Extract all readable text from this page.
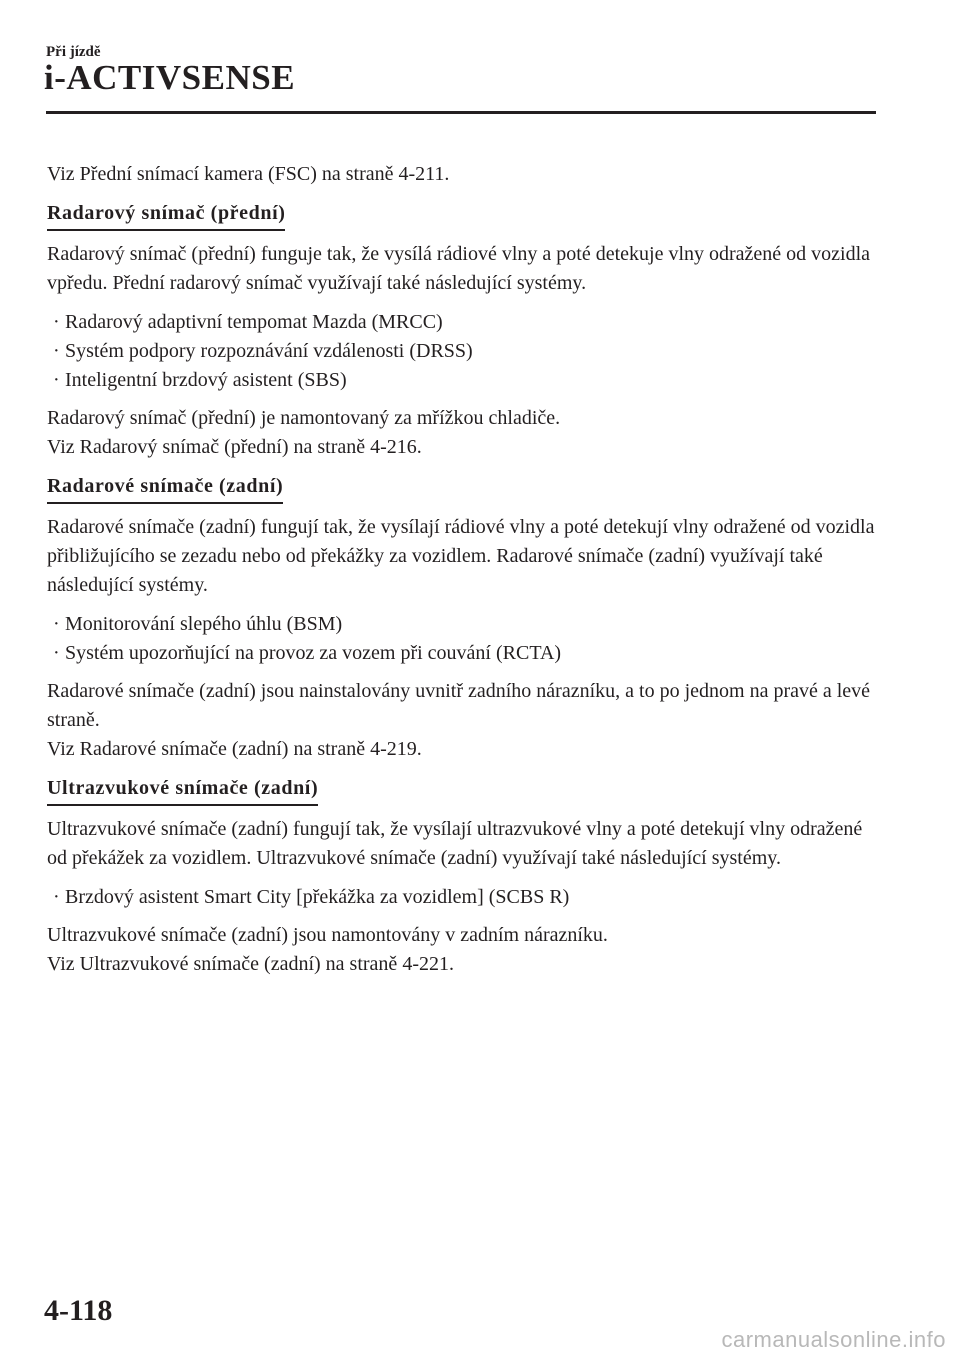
Při jízdě
i-ACTIVSENSE

Viz Přední snímací kamera (FSC) na straně 4-211.

Radarový snímač (přední)

Radarový snímač (přední) funguje tak, že vysílá rádiové vlny a poté detekuje vlny odražené od vozidla vpředu. Přední radarový snímač využívají také následující systémy.

· Radarový adaptivní tempomat Mazda (MRCC)
· Systém podpory rozpoznávání vzdálenosti (DRSS)
· Inteligentní brzdový asistent (SBS)

Radarový snímač (přední) je namontovaný za mřížkou chladiče.
Viz Radarový snímač (přední) na straně 4-216.

Radarové snímače (zadní)

Radarové snímače (zadní) fungují tak, že vysílají rádiové vlny a poté detekují vlny odražené od vozidla přibližujícího se zezadu nebo od překážky za vozidlem. Radarové snímače (zadní) využívají také následující systémy.

· Monitorování slepého úhlu (BSM)
· Systém upozorňující na provoz za vozem při couvání (RCTA)

Radarové snímače (zadní) jsou nainstalovány uvnitř zadního nárazníku, a to po jednom na pravé a levé straně.
Viz Radarové snímače (zadní) na straně 4-219.

Ultrazvukové snímače (zadní)

Ultrazvukové snímače (zadní) fungují tak, že vysílají ultrazvukové vlny a poté detekují vlny odražené od překážek za vozidlem. Ultrazvukové snímače (zadní) využívají také následující systémy.

· Brzdový asistent Smart City [překážka za vozidlem] (SCBS R)

Ultrazvukové snímače (zadní) jsou namontovány v zadním nárazníku.
Viz Ultrazvukové snímače (zadní) na straně 4-221.

4-118
carmanualsonline.info
